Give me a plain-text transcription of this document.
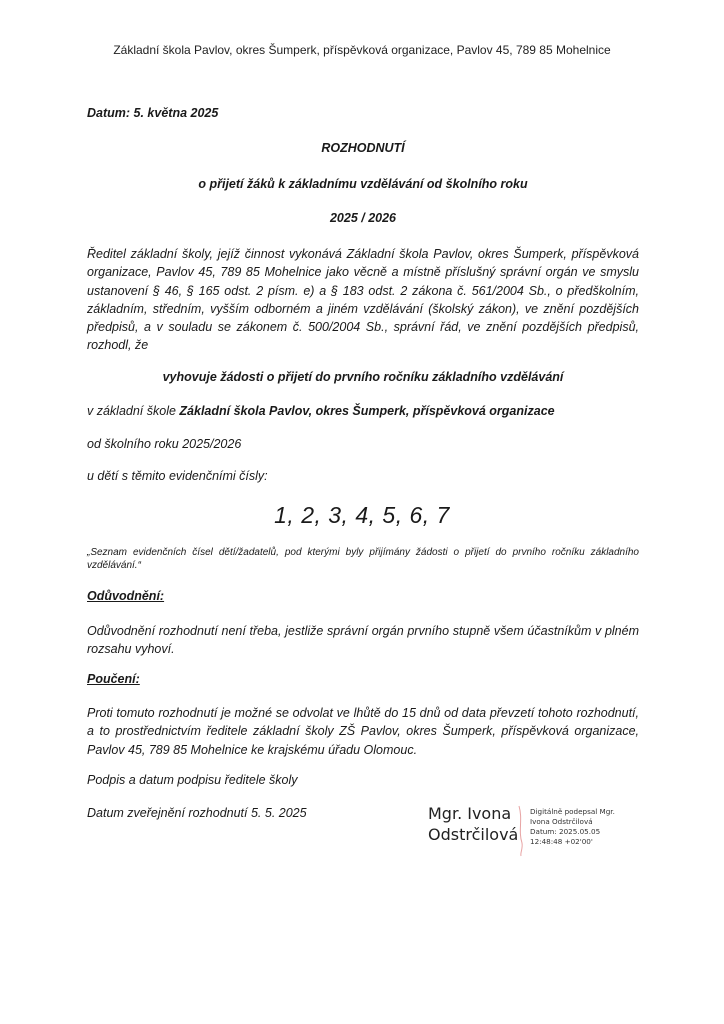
Základní škola Pavlov, okres Šumperk, příspěvková organizace, Pavlov 45, 789 85 Mohelnice
Datum: 5. května 2025
ROZHODNUTÍ
o přijetí žáků k základnímu vzdělávání od školního roku
2025 / 2026
Ředitel základní školy, jejíž činnost vykonává Základní škola Pavlov, okres Šumperk, příspěvková organizace, Pavlov 45, 789 85 Mohelnice jako věcně a místně příslušný správní orgán ve smyslu ustanovení § 46, § 165 odst. 2 písm. e) a § 183 odst. 2 zákona č. 561/2004 Sb., o předškolním, základním, středním, vyšším odborném a jiném vzdělávání (školský zákon), ve znění pozdějších předpisů, a v souladu se zákonem č. 500/2004 Sb., správní řád, ve znění pozdějších předpisů, rozhodl, že
vyhovuje žádosti o přijetí do prvního ročníku základního vzdělávání
v základní škole Základní škola Pavlov, okres Šumperk, příspěvková organizace
od školního roku 2025/2026
u dětí s těmito evidenčními čísly:
1, 2, 3, 4, 5, 6, 7
„Seznam evidenčních čísel dětí/žadatelů, pod kterými byly přijímány žádosti o přijetí do prvního ročníku základního vzdělávání.“
Odůvodnění:
Odůvodnění rozhodnutí není třeba, jestliže správní orgán prvního stupně všem účastníkům v plném rozsahu vyhoví.
Poučení:
Proti tomuto rozhodnutí je možné se odvolat ve lhůtě do 15 dnů od data převzetí tohoto rozhodnutí, a to prostřednictvím ředitele základní školy ZŠ Pavlov, okres Šumperk, příspěvková organizace, Pavlov 45, 789 85 Mohelnice ke krajskému úřadu Olomouc.
Podpis a datum podpisu ředitele školy
Datum zveřejnění rozhodnutí 5. 5. 2025	Mgr. Ivona
Odstrčilová
Digitálně podepsal Mgr.
Ivona Odstrčilová
Datum: 2025.05.05
12:48:48 +02'00'
